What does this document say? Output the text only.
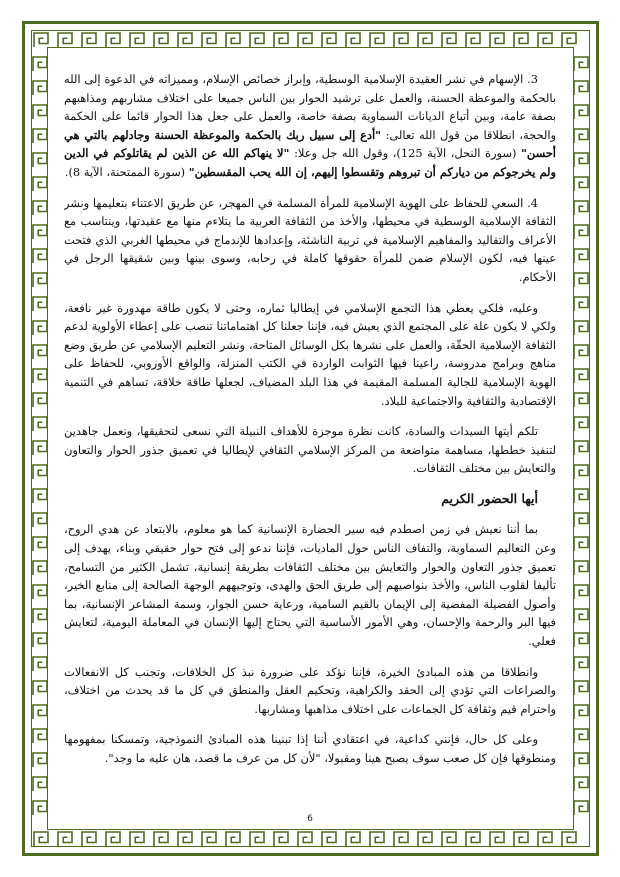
3. الإسهام في نشر العقيدة الإسلامية الوسطية، وإبراز خصائص الإسلام، ومميزاته في الدعوة إلى الله بالحكمة والموعظة الحسنة، والعمل على ترشيد الحوار بين الناس جميعا على اختلاف مشاربهم ومذاهبهم بصفة عامة، وبين أتباع الديانات السماوية بصفة خاصة، والعمل على جعل هذا الحوار قائما على الحكمة والحجة، انطلاقا من قول الله تعالى: "أدع إلى سبيل ربك بالحكمة والموعظة الحسنة وجادلهم بالتي هي أحسن" (سورة النحل، الآية 125)، وقول الله جل وعلا: "لا ينهاكم الله عن الذين لم يقاتلوكم في الدين ولم يخرجوكم من دياركم أن تبروهم وتقسطوا إليهم، إن الله يحب المقسطين" (سورة الممتحنة، الآية 8).

4. السعي للحفاظ على الهوية الإسلامية للمرأة المسلمة في المهجر، عن طريق الاعتناء بتعليمها ونشر الثقافة الإسلامية الوسطية في محيطها، والأخذ من الثقافة العربية ما يتلاءم منها مع عقيدتها، وينتاسب مع الأعراف والتقاليد والمفاهيم الإسلامية في تربية الناشئة، وإعدادها للإندماج في محيطها الغربي الذي فتحت عينها فيه، لكون الإسلام ضمن للمرأة حقوقها كاملة في رحابه، وسوى بينها وبين شقيقها الرجل في الأحكام.

وعليه، فلكي يعطي هذا التجمع الإسلامي في إيطاليا ثماره، وحتى لا يكون طاقة مهدورة غير نافعة، ولكي لا يكون علة على المجتمع الذي يعيش فيه، فإننا جعلنا كل اهتماماتنا تنصب على إعطاء الأولوية لدعم الثقافة الإسلامية الحقّة، والعمل على نشرها بكل الوسائل المتاحة، ونشر التعليم الإسلامي عن طريق وضع مناهج وبرامج مدروسة، راعينا فيها الثوابت الواردة في الكتب المنزلة، والواقع الأوروبي، للحفاظ على الهوية الإسلامية للجالية المسلمة المقيمة في هذا البلد المضياف، لجعلها طاقة خلاقة، تساهم في التنمية الإقتصادية والثقافية والاجتماعية للبلاد.

تلكم أيتها السيدات والسادة، كانت نظرة موجزة للأهداف النبيلة التي نسعى لتحقيقها، ونعمل جاهدين لتنفيذ خططها، مساهمة متواضعة من المركز الإسلامي الثقافي لإيطاليا في تعميق جذور الحوار والتعاون والتعايش بين مختلف الثقافات.

أيها الحضور الكريم

بما أننا نعيش في زمن اصطدم فيه سير الحضارة الإنسانية كما هو معلوم، بالابتعاد عن هدي الروح، وعن التعاليم السماوية، والتفاف الناس حول الماديات، فإننا ندعو إلى فتح حوار حقيقي وبناء، يهدف إلى تعميق جذور التعاون والحوار والتعايش بين مختلف الثقافات بطريقة إنسانية، تشمل الكثير من التسامح، تأليفا لقلوب الناس، والأخذ بنواصيهم إلى طريق الحق والهدى، وتوجيههم الوجهة الصالحة إلى منابع الخير، وأصول الفضيلة المفضية إلى الإيمان بالقيم السامية، ورعاية حسن الجوار، وسمة المشاعر الإنسانية، بما فيها البر والرحمة والإحسان، وهي الأمور الأساسية التي يحتاج إليها الإنسان في المعاملة اليومية، لتعايش فعلي.

وانطلاقا من هذه المبادئ الخيرة، فإننا نؤكد على ضرورة نبذ كل الخلافات، وتجنب كل الانفعالات والصراعات التي تؤدي إلى الحقد والكراهية، وتحكيم العقل والمنطق في كل ما قد يحدث من اختلاف، واحترام قيم وثقافة كل الجماعات على اختلاف مذاهبها ومشاربها.

وعلى كل حال، فإنني كداعية، في اعتقادي أننا إذا تبنينا هذه المبادئ النموذجية، وتمسكنا بمفهومها ومنطوقها فإن كل صعب سوف يصبح هينا ومقبولا، "لأن كل من عرف ما قصد، هان عليه ما وجد".

6
